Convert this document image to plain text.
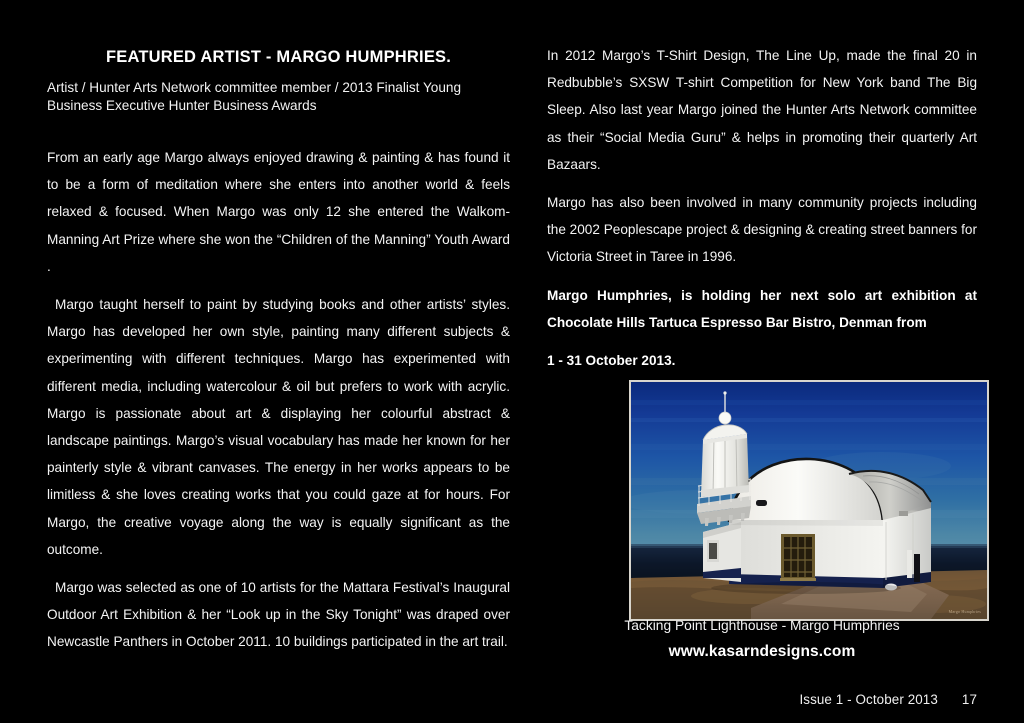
FEATURED ARTIST - MARGO HUMPHRIES.
Artist / Hunter Arts Network committee member / 2013 Finalist Young Business Executive Hunter Business Awards

From an early age Margo always enjoyed drawing & painting & has found it to be a form of meditation where she enters into another world & feels relaxed & focused. When Margo was only 12 she entered the Walkom-Manning Art Prize where she won the “Children of the Manning” Youth Award .

Margo taught herself to paint by studying books and other artists’ styles. Margo has developed her own style, painting many different subjects & experimenting with different techniques. Margo has experimented with different media, including watercolour & oil but prefers to work with acrylic. Margo is passionate about art & displaying her colourful abstract & landscape paintings. Margo’s visual vocabulary has made her known for her painterly style & vibrant canvases. The energy in her works appears to be limitless & she loves creating works that you could gaze at for hours. For Margo, the creative voyage along the way is equally significant as the outcome.

Margo was selected as one of 10 artists for the Mattara Festival’s Inaugural Outdoor Art Exhibition & her “Look up in the Sky Tonight” was draped over Newcastle Panthers in October 2011. 10 buildings participated in the art trail.

In 2012 Margo’s T-Shirt Design, The Line Up, made the final 20 in Redbubble’s SXSW T-shirt Competition for New York band The Big Sleep. Also last year Margo joined the Hunter Arts Network committee as their “Social Media Guru” & helps in promoting their quarterly Art Bazaars.

Margo has also been involved in many community projects including the 2002 Peoplescape project & designing & creating street banners for Victoria Street in Taree in 1996.

Margo Humphries, is holding her next solo art exhibition at Chocolate Hills Tartuca Espresso Bar Bistro, Denman from

1 - 31 October 2013.

Margo Humphries
Tacking Point Lighthouse - Margo Humphries
www.kasarndesigns.com
Issue 1 - October 2013 17
